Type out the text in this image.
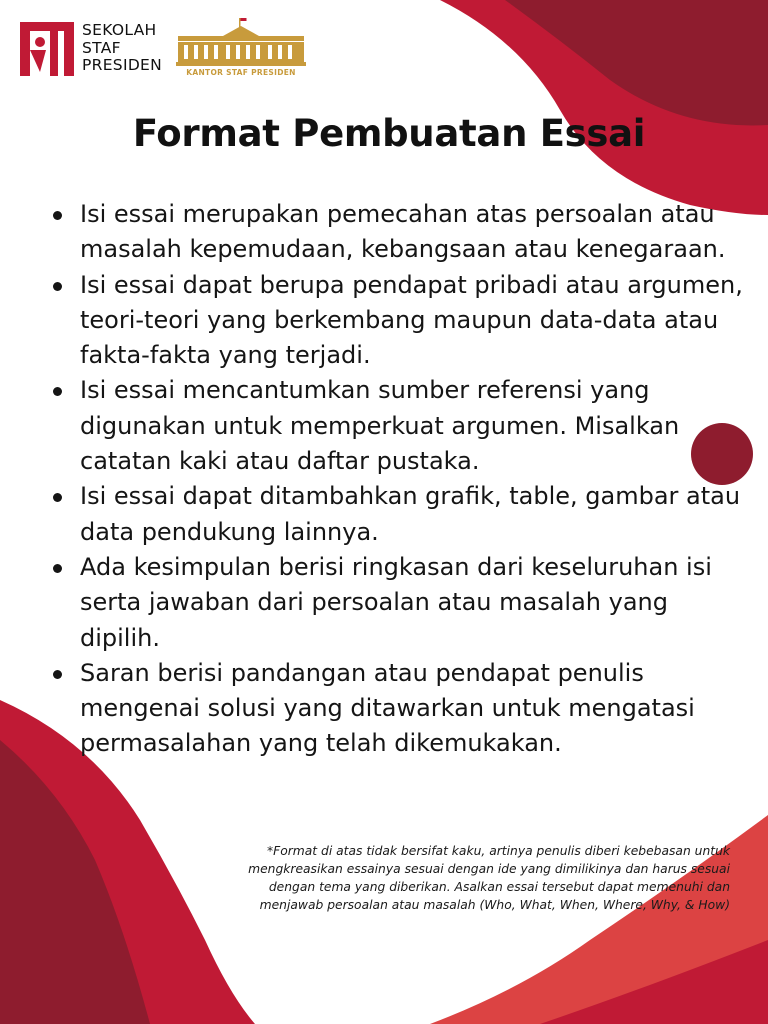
SEKOLAH
STAF
PRESIDEN	KANTOR STAF PRESIDEN
Format Pembuatan Essai
Isi essai merupakan pemecahan atas persoalan atau masalah kepemudaan, kebangsaan atau kenegaraan.
Isi essai dapat berupa pendapat pribadi atau argumen, teori-teori yang berkembang maupun data-data atau fakta-fakta yang terjadi.
Isi essai mencantumkan sumber referensi yang digunakan untuk memperkuat argumen. Misalkan catatan kaki atau daftar pustaka.
Isi essai dapat ditambahkan grafik, table, gambar atau data pendukung lainnya.
Ada kesimpulan berisi ringkasan dari keseluruhan isi serta jawaban dari persoalan atau masalah yang dipilih.
Saran berisi pandangan atau pendapat penulis mengenai solusi yang ditawarkan untuk mengatasi permasalahan yang telah dikemukakan.

*Format di atas tidak bersifat kaku, artinya penulis diberi kebebasan untuk mengkreasikan essainya sesuai dengan ide yang dimilikinya dan harus sesuai dengan tema yang diberikan. Asalkan essai tersebut dapat memenuhi dan menjawab persoalan atau masalah (Who, What, When, Where, Why, & How)
